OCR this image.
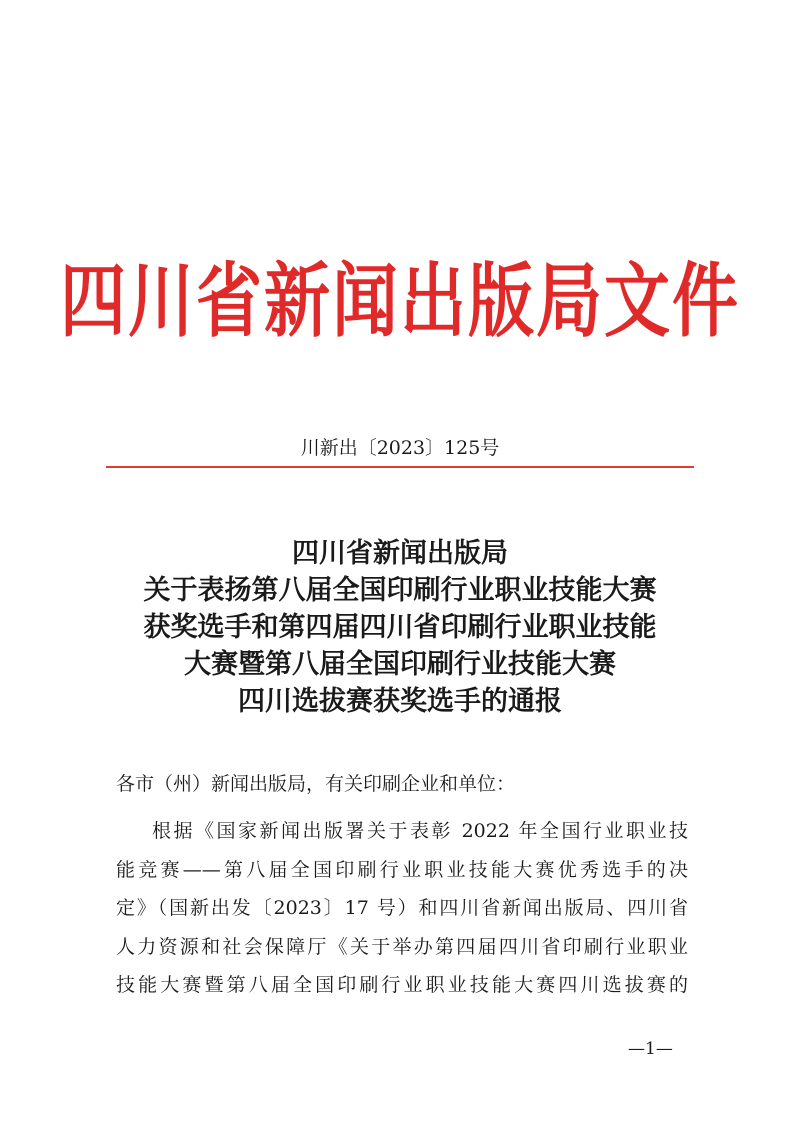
四川省新闻出版局文件
川新出〔2023〕125号
四川省新闻出版局
关于表扬第八届全国印刷行业职业技能大赛
获奖选手和第四届四川省印刷行业职业技能
大赛暨第八届全国印刷行业技能大赛
四川选拔赛获奖选手的通报
各市（州）新闻出版局，有关印刷企业和单位：
根据《国家新闻出版署关于表彰 2022 年全国行业职业技
能竞赛——第八届全国印刷行业职业技能大赛优秀选手的决
定》（国新出发〔2023〕17 号）和四川省新闻出版局、四川省
人力资源和社会保障厅《关于举办第四届四川省印刷行业职业
技能大赛暨第八届全国印刷行业职业技能大赛四川选拔赛的
—1—
